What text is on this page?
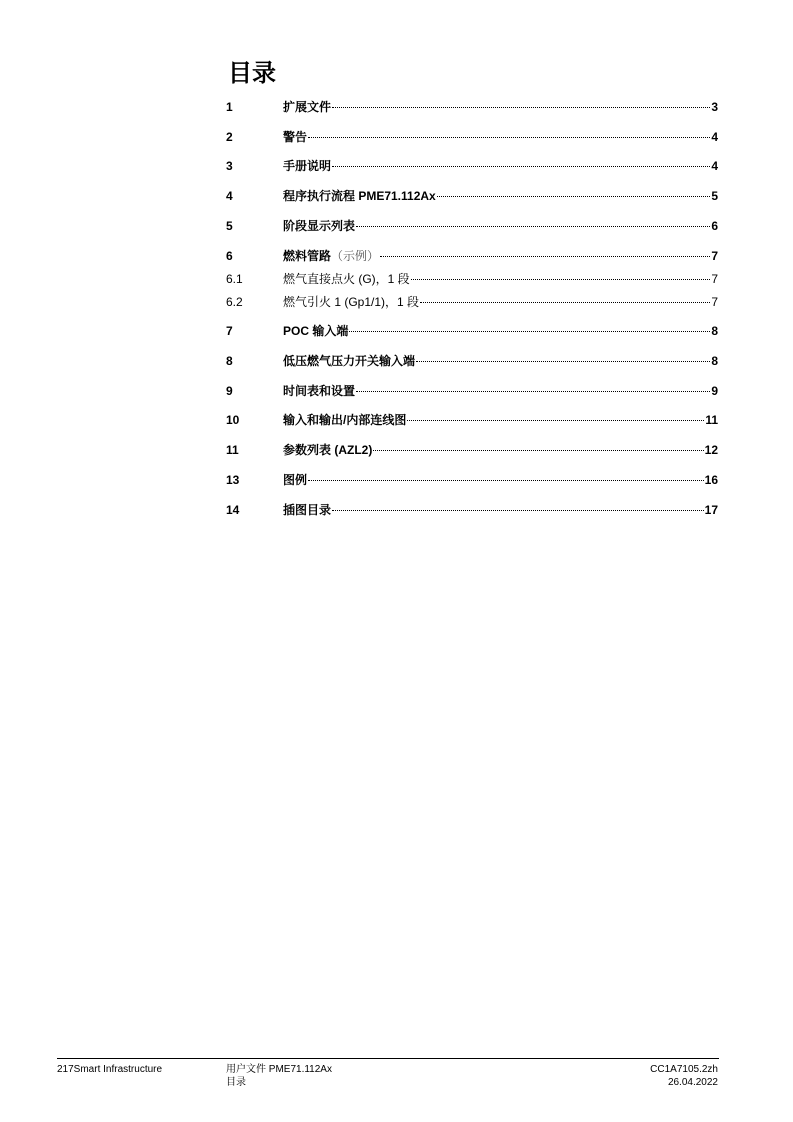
目录
1	扩展文件	3
2	警告	4
3	手册说明	4
4	程序执行流程 PME71.112Ax	5
5	阶段显示列表	6
6	燃料管路（示例）	7
6.1	燃气直接点火 (G)，1 段	7
6.2	燃气引火 1 (Gp1/1)，1 段	7
7	POC 输入端	8
8	低压燃气压力开关输入端	8
9	时间表和设置	9
10	输入和输出/内部连线图	11
11	参数列表 (AZL2)	12
13	图例	16
14	插图目录	17
217Smart Infrastructure	用户文件 PME71.112Ax
目录
CC1A7105.2zh
26.04.2022
